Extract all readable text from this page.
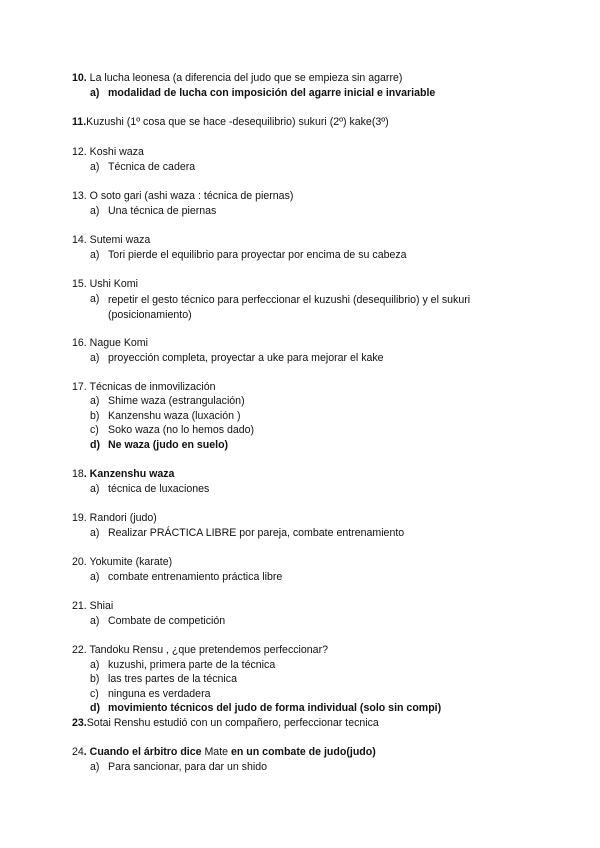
10. La lucha leonesa (a diferencia del judo que se empieza sin agarre)
a) modalidad de lucha con imposición del agarre inicial e invariable
11.Kuzushi (1º cosa que se hace -desequilibrio) sukuri (2º) kake(3º)
12. Koshi waza
a) Técnica de cadera
13. O soto gari (ashi waza : técnica de piernas)
a) Una técnica de piernas
14. Sutemi waza
a) Tori pierde el equilibrio para proyectar por encima de su cabeza
15. Ushi Komi
a) repetir el gesto técnico para perfeccionar el kuzushi (desequilibrio) y el sukuri (posicionamiento)
16. Nague Komi
a) proyección completa, proyectar a uke para mejorar el kake
17. Técnicas de inmovilización
a) Shime waza (estrangulación)
b) Kanzenshu waza (luxación )
c) Soko waza (no lo hemos dado)
d) Ne waza (judo en suelo)
18. Kanzenshu waza
a) técnica de luxaciones
19. Randori (judo)
a) Realizar PRÁCTICA LIBRE por pareja, combate entrenamiento
20. Yokumite (karate)
a) combate entrenamiento práctica libre
21. Shiai
a) Combate de competición
22. Tandoku Rensu , ¿que pretendemos perfeccionar?
a) kuzushi, primera parte de la técnica
b) las tres partes de la técnica
c) ninguna es verdadera
d) movimiento técnicos del judo de forma individual (solo sin compi)
23.Sotai Renshu estudió con un compañero, perfeccionar tecnica
24. Cuando el árbitro dice Mate en un combate de judo(judo)
a) Para sancionar, para dar un shido
